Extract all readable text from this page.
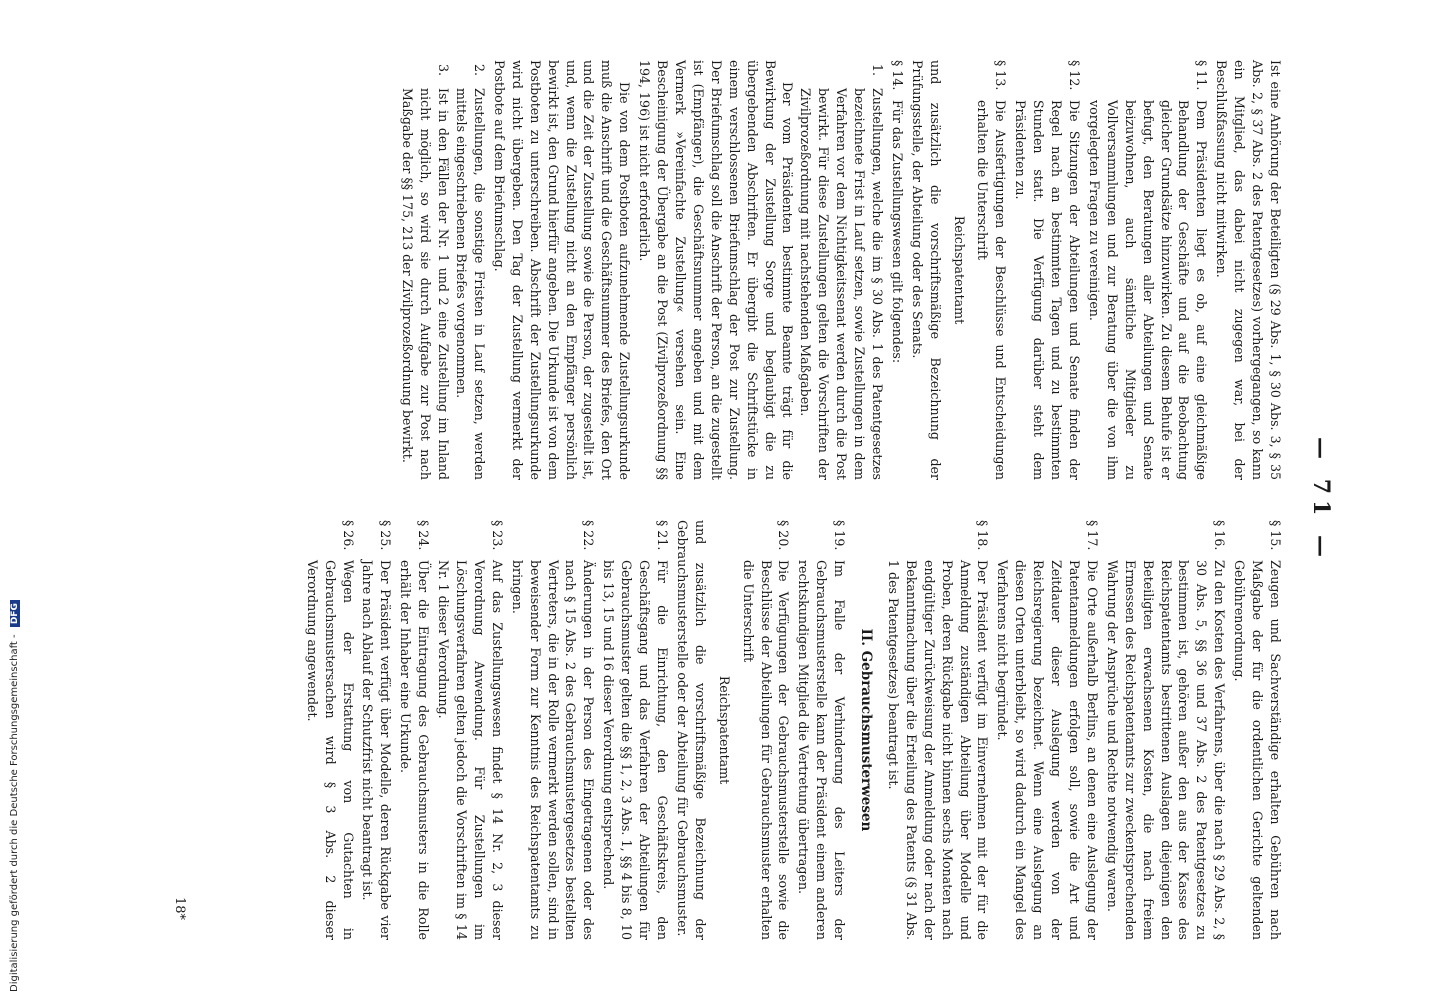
— 71 —
Ist eine Anhörung der Beteiligten (§ 29 Abs. 1, § 30 Abs. 3, § 35 Abs. 2, § 37 Abs. 2 des Patentgesetzes) vorhergegangen, so kann ein Mitglied, das dabei nicht zugegen war, bei der Beschlußfassung nicht mitwirken.
§ 11.
Dem Präsidenten liegt es ob, auf eine gleichmäßige Behandlung der Geschäfte und auf die Beobachtung gleicher Grundsätze hinzuwirken. Zu diesem Behufe ist er befugt, den Beratungen aller Abteilungen und Senate beizuwohnen, auch sämtliche Mitglieder zu Vollversammlungen und zur Beratung über die von ihm vorgelegten Fragen zu vereinigen.
§ 12.
Die Sitzungen der Abteilungen und Senate finden der Regel nach an bestimmten Tagen und zu bestimmten Stunden statt. Die Verfügung darüber steht dem Präsidenten zu.
§ 13.
Die Ausfertigungen der Beschlüsse und Entscheidungen erhalten die Unterschrift
Reichspatentamt
und zusätzlich die vorschriftsmäßige Bezeichnung der Prüfungsstelle, der Abteilung oder des Senats.
§ 14.
Für das Zustellungswesen gilt folgendes:
1.
Zustellungen, welche die im § 30 Abs. 1 des Patentgesetzes bezeichnete Frist in Lauf setzen, sowie Zustellungen in dem Verfahren vor dem Nichtigkeitssenat werden durch die Post bewirkt. Für diese Zustellungen gelten die Vorschriften der Zivilprozeßordnung mit nachstehenden Maßgaben.

Der vom Präsidenten bestimmte Beamte trägt für die Bewirkung der Zustellung Sorge und beglaubigt die zu übergebenden Abschriften. Er übergibt die Schriftstücke in einem verschlossenen Briefumschlag der Post zur Zustellung. Der Briefumschlag soll die Anschrift der Person, an die zugestellt ist (Empfänger), die Geschäftsnummer angeben und mit dem Vermerk »Vereinfachte Zustellung« versehen sein. Eine Bescheinigung der Übergabe an die Post (Zivilprozeßordnung §§ 194, 196) ist nicht erforderlich.

Die von dem Postboten aufzunehmende Zustellungsurkunde muß die Anschrift und die Geschäftsnummer des Briefes, den Ort und die Zeit der Zustellung sowie die Person, der zugestellt ist, und, wenn die Zustellung nicht an den Empfänger persönlich bewirkt ist, den Grund hierfür angeben. Die Urkunde ist von dem Postboten zu unterschreiben. Abschrift der Zustellungsurkunde wird nicht übergeben. Den Tag der Zustellung vermerkt der Postbote auf dem Briefumschlag.

2.
Zustellungen, die sonstige Fristen in Lauf setzen, werden mittels eingeschriebenen Briefes vorgenommen.
3.
Ist in den Fällen der Nr. 1 und 2 eine Zustellung im Inland nicht möglich, so wird sie durch Aufgabe zur Post nach Maßgabe der §§ 175, 213 der Zivilprozeßordnung bewirkt.
§ 15.
Zeugen und Sachverständige erhalten Gebühren nach Maßgabe der für die ordentlichen Gerichte geltenden Gebührenordnung.
§ 16.
Zu den Kosten des Verfahrens, über die nach § 29 Abs. 2, § 30 Abs. 5, §§ 36 und 37 Abs. 2 des Patentgesetzes zu bestimmen ist, gehören außer den aus der Kasse des Reichspatentamts bestrittenen Auslagen diejenigen den Beteiligten erwachsenen Kosten, die nach freiem Ermessen des Reichspatentamts zur zweckentsprechenden Wahrung der Ansprüche und Rechte notwendig waren.
§ 17.
Die Orte außerhalb Berlins, an denen eine Auslegung der Patentanmeldungen erfolgen soll, sowie die Art und Zeitdauer dieser Auslegung werden von der Reichsregierung bezeichnet. Wenn eine Auslegung an diesen Orten unterbleibt, so wird dadurch ein Mangel des Verfahrens nicht begründet.
§ 18.
Der Präsident verfügt im Einvernehmen mit der für die Anmeldung zuständigen Abteilung über Modelle und Proben, deren Rückgabe nicht binnen sechs Monaten nach endgültiger Zurückweisung der Anmeldung oder nach der Bekanntmachung über die Erteilung des Patents (§ 31 Abs. 1 des Patentgesetzes) beantragt ist.
II. Gebrauchsmusterwesen
§ 19.
Im Falle der Verhinderung des Leiters der Gebrauchsmusterstelle kann der Präsident einem anderen rechtskundigen Mitglied die Vertretung übertragen.
§ 20.
Die Verfügungen der Gebrauchsmusterstelle sowie die Beschlüsse der Abteilungen für Gebrauchsmuster erhalten die Unterschrift
Reichspatentamt
und zusätzlich die vorschriftsmäßige Bezeichnung der Gebrauchsmusterstelle oder der Abteilung für Gebrauchsmuster.
§ 21.
Für die Einrichtung, den Geschäftskreis, den Geschäftsgang und das Verfahren der Abteilungen für Gebrauchsmuster gelten die §§ 1, 2, 3 Abs. 1, §§ 4 bis 8, 10 bis 13, 15 und 16 dieser Verordnung entsprechend.
§ 22.
Änderungen in der Person des Eingetragenen oder des nach § 15 Abs. 2 des Gebrauchsmustergesetzes bestellten Vertreters, die in der Rolle vermerkt werden sollen, sind in beweisender Form zur Kenntnis des Reichspatentamts zu bringen.
§ 23.
Auf das Zustellungswesen findet § 14 Nr. 2, 3 dieser Verordnung Anwendung. Für Zustellungen im Löschungsverfahren gelten jedoch die Vorschriften im § 14 Nr. 1 dieser Verordnung.
§ 24.
Über die Eintragung des Gebrauchsmusters in die Rolle erhält der Inhaber eine Urkunde.
§ 25.
Der Präsident verfügt über Modelle, deren Rückgabe vier Jahre nach Ablauf der Schutzfrist nicht beantragt ist.
§ 26.
Wegen der Erstattung von Gutachten in Gebrauchsmustersachen wird § 3 Abs. 2 dieser Verordnung angewendet.
18*
Digitalisierung gefördert durch die Deutsche Forschungsgemeinschaft - DFG
